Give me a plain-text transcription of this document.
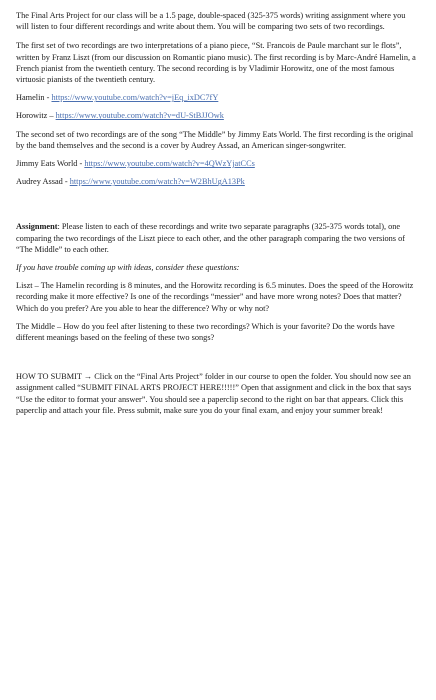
The Final Arts Project for our class will be a 1.5 page, double-spaced (325-375 words) writing assignment where you will listen to four different recordings and write about them. You will be comparing two sets of two recordings.

The first set of two recordings are two interpretations of a piano piece, “St. Francois de Paule marchant sur le flots”, written by Franz Liszt (from our discussion on Romantic piano music). The first recording is by Marc-André Hamelin, a French pianist from the twentieth century. The second recording is by Vladimir Horowitz, one of the most famous virtuosic pianists of the twentieth century.

Hamelin - https://www.youtube.com/watch?v=jEq_ixDC7fY

Horowitz – https://www.youtube.com/watch?v=dU-StBJJOwk

The second set of two recordings are of the song “The Middle” by Jimmy Eats World. The first recording is the original by the band themselves and the second is a cover by Audrey Assad, an American singer-songwriter.

Jimmy Eats World - https://www.youtube.com/watch?v=4QWzYjatCCs

Audrey Assad - https://www.youtube.com/watch?v=W2BhUgA13Pk

Assignment: Please listen to each of these recordings and write two separate paragraphs (325-375 words total), one comparing the two recordings of the Liszt piece to each other, and the other paragraph comparing the two versions of “The Middle” to each other.

If you have trouble coming up with ideas, consider these questions:

Liszt – The Hamelin recording is 8 minutes, and the Horowitz recording is 6.5 minutes. Does the speed of the Horowitz recording make it more effective? Is one of the recordings “messier” and have more wrong notes? Does that matter? Which do you prefer? Are you able to hear the difference? Why or why not?

The Middle – How do you feel after listening to these two recordings? Which is your favorite? Do the words have different meanings based on the feeling of these two songs?

HOW TO SUBMIT → Click on the “Final Arts Project” folder in our course to open the folder. You should now see an assignment called “SUBMIT FINAL ARTS PROJECT HERE!!!!!” Open that assignment and click in the box that says “Use the editor to format your answer”. You should see a paperclip second to the right on bar that appears. Click this paperclip and attach your file. Press submit, make sure you do your final exam, and enjoy your summer break!
